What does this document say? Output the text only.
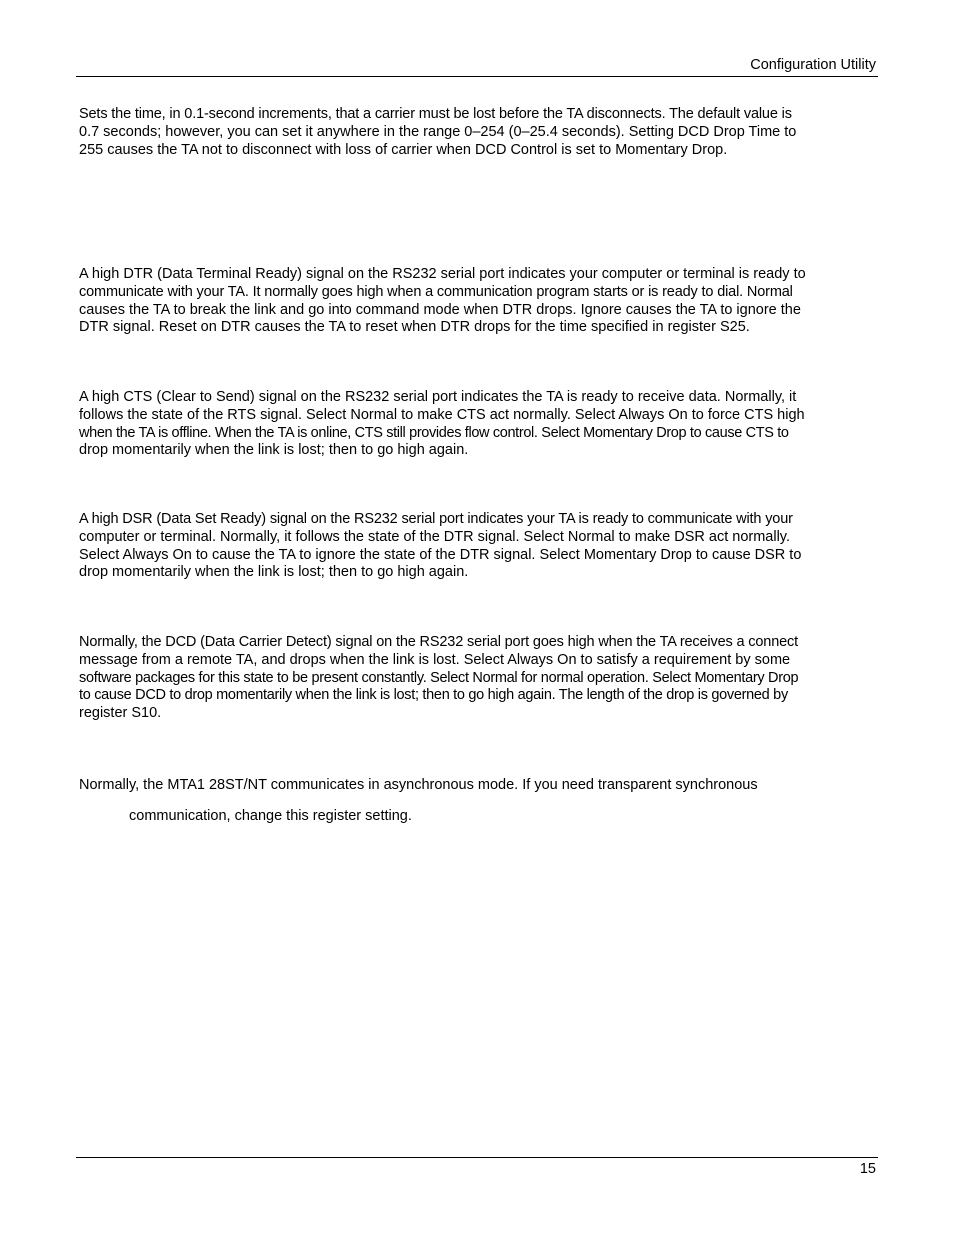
Configuration Utility

Sets the time, in 0.1-second increments, that a carrier must be lost before the TA disconnects. The default value is
0.7 seconds; however, you can set it anywhere in the range 0–254 (0–25.4 seconds). Setting DCD Drop Time to
255 causes the TA not to disconnect with loss of carrier when DCD Control is set to Momentary Drop.

A high DTR (Data Terminal Ready) signal on the RS232 serial port indicates your computer or terminal is ready to
communicate with your TA. It normally goes high when a communication program starts or is ready to dial. Normal
causes the TA to break the link and go into command mode when DTR drops. Ignore causes the TA to ignore the
DTR signal. Reset on DTR causes the TA to reset when DTR drops for the time specified in register S25.

A high CTS (Clear to Send) signal on the RS232 serial port indicates the TA is ready to receive data. Normally, it
follows the state of the RTS signal. Select Normal to make CTS act normally. Select Always On to force CTS high
when the TA is offline. When the TA is online, CTS still provides flow control. Select Momentary Drop to cause CTS to
drop momentarily when the link is lost; then to go high again.

A high DSR (Data Set Ready) signal on the RS232 serial port indicates your TA is ready to communicate with your
computer or terminal. Normally, it follows the state of the DTR signal. Select Normal to make DSR act normally.
Select Always On to cause the TA to ignore the state of the DTR signal. Select Momentary Drop to cause DSR to
drop momentarily when the link is lost; then to go high again.

Normally, the DCD (Data Carrier Detect) signal on the RS232 serial port goes high when the TA receives a connect
message from a remote TA, and drops when the link is lost. Select Always On to satisfy a requirement by some
software packages for this state to be present constantly. Select Normal for normal operation. Select Momentary Drop
to cause DCD to drop momentarily when the link is lost; then to go high again. The length of the drop is governed by
register S10.

Normally, the MTA1 28ST/NT communicates in asynchronous mode. If you need transparent synchronous

communication, change this register setting.
15
